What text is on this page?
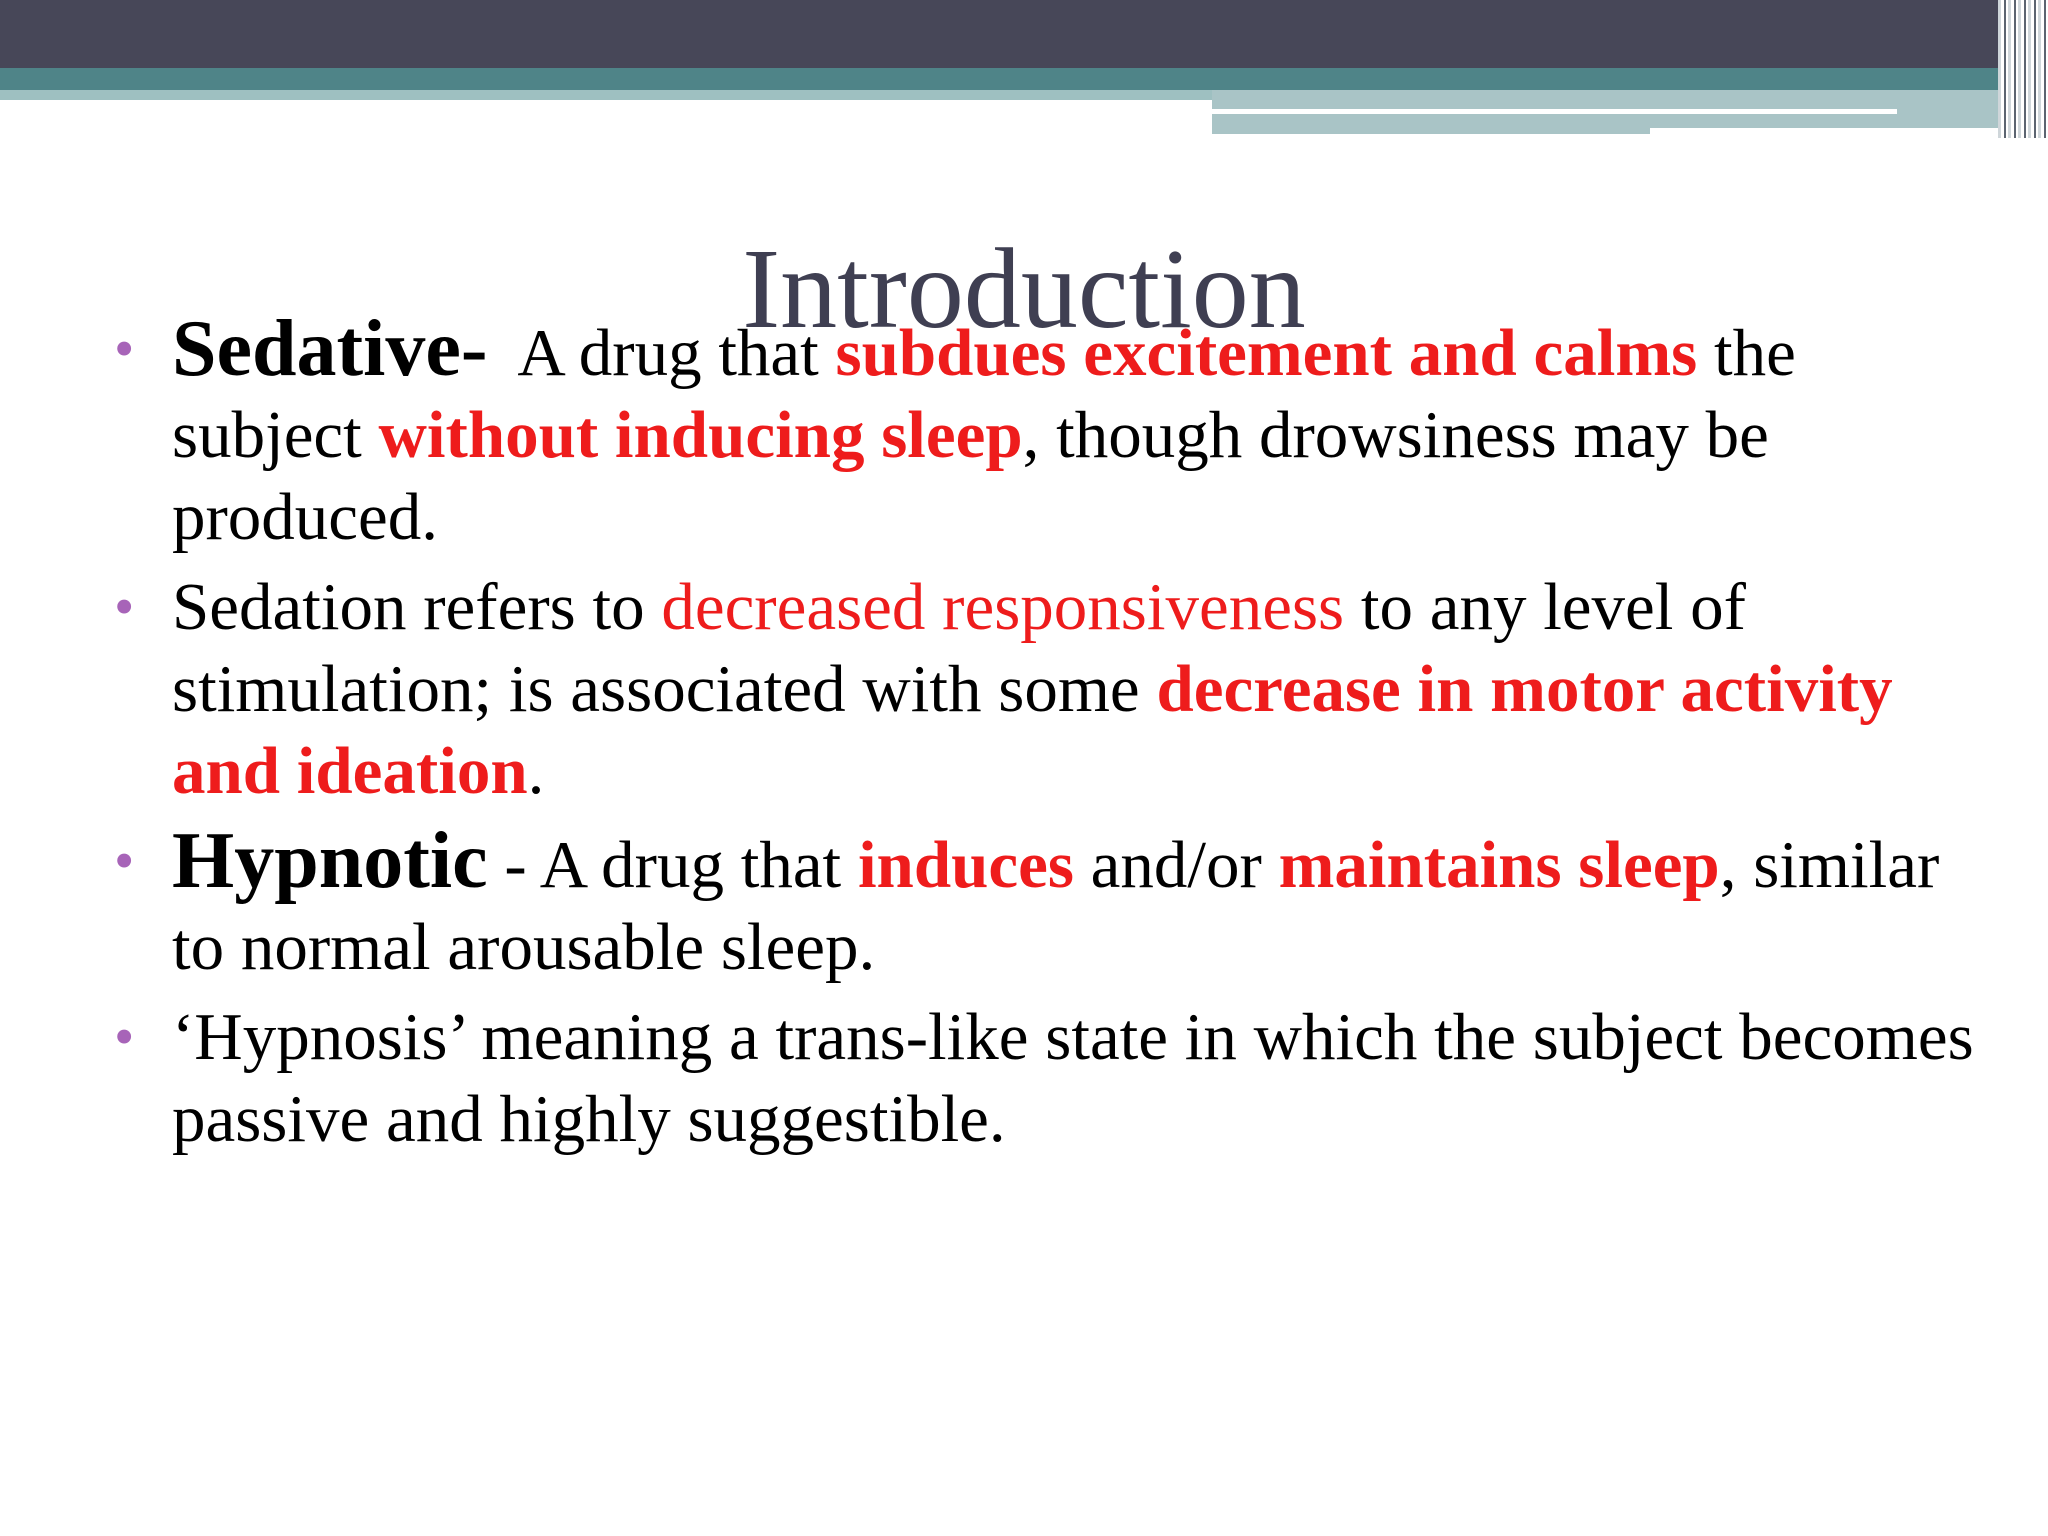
Introduction
• Sedative-  A drug that subdues excitement and calms the subject without inducing sleep, though drowsiness may be produced.
• Sedation refers to decreased responsiveness to any level of stimulation; is associated with some decrease in motor activity and ideation.
• Hypnotic - A drug that induces and/or maintains sleep, similar to normal arousable sleep.
• ‘Hypnosis’ meaning a trans-like state in which the subject becomes passive and highly suggestible.
